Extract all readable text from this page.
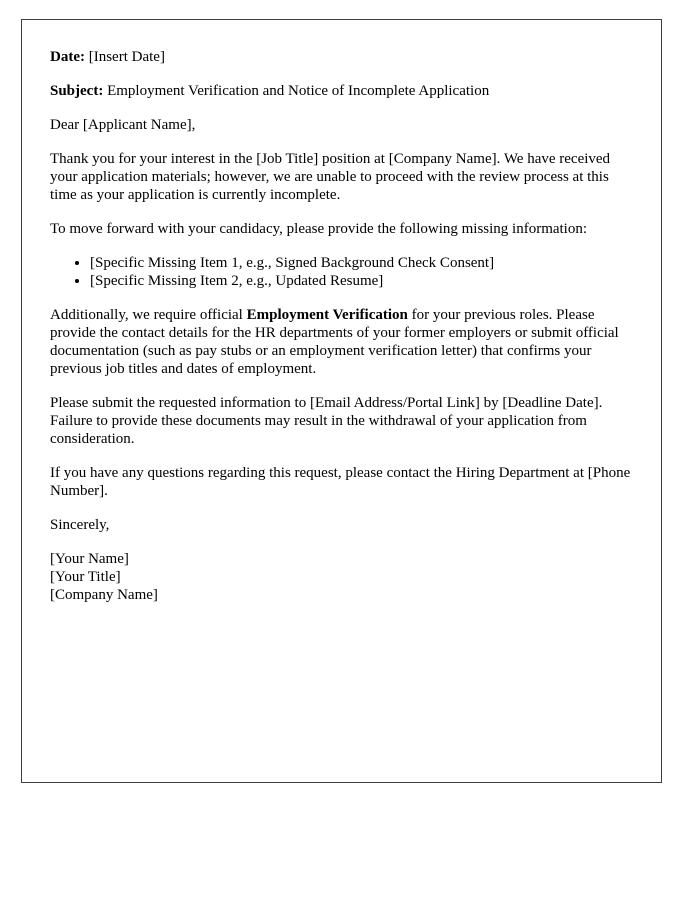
Date: [Insert Date]

Subject: Employment Verification and Notice of Incomplete Application

Dear [Applicant Name],

Thank you for your interest in the [Job Title] position at [Company Name]. We have received your application materials; however, we are unable to proceed with the review process at this time as your application is currently incomplete.

To move forward with your candidacy, please provide the following missing information:

• [Specific Missing Item 1, e.g., Signed Background Check Consent]
• [Specific Missing Item 2, e.g., Updated Resume]

Additionally, we require official Employment Verification for your previous roles. Please provide the contact details for the HR departments of your former employers or submit official documentation (such as pay stubs or an employment verification letter) that confirms your previous job titles and dates of employment.

Please submit the requested information to [Email Address/Portal Link] by [Deadline Date]. Failure to provide these documents may result in the withdrawal of your application from consideration.

If you have any questions regarding this request, please contact the Hiring Department at [Phone Number].

Sincerely,

[Your Name]
[Your Title]
[Company Name]
